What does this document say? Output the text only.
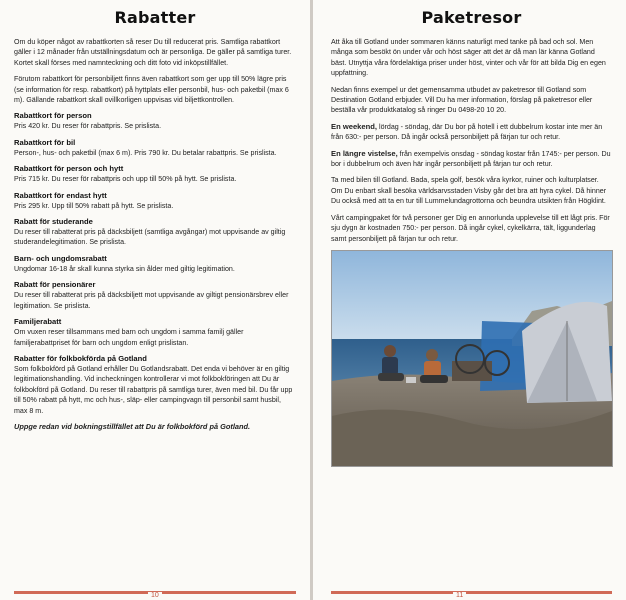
Rabatter

Om du köper något av rabattkorten så reser Du till reducerat pris. Samtliga rabattkort gäller i 12 månader från utställningsdatum och är personliga. De gäller på samtliga turer. Kortet skall förses med namnteckning och ditt foto vid inköpstillfället.

Förutom rabattkort för personbiljett finns även rabattkort som ger upp till 50% lägre pris (se information för resp. rabattkort) på hyttplats eller personbil, hus- och paketbil (max 6 m). Gällande rabattkort skall ovillkorligen uppvisas vid biljettkontrollen.

Rabattkort för person

Pris 420 kr. Du reser för rabattpris. Se prislista.

Rabattkort för bil

Person-, hus- och paketbil (max 6 m). Pris 790 kr. Du betalar rabattpris. Se prislista.

Rabattkort för person och hytt

Pris 715 kr. Du reser för rabattpris och upp till 50% på hytt. Se prislista.

Rabattkort för endast hytt

Pris 295 kr. Upp till 50% rabatt på hytt. Se prislista.

Rabatt för studerande

Du reser till rabatterat pris på däcksbiljett (samtliga avgångar) mot uppvisande av giltig studerandelegitimation. Se prislista.

Barn- och ungdomsrabatt

Ungdomar 16-18 år skall kunna styrka sin ålder med giltig legitimation.

Rabatt för pensionärer

Du reser till rabatterat pris på däcksbiljett mot uppvisande av giltigt pensionärsbrev eller legitimation. Se prislista.

Familjerabatt

Om vuxen reser tillsammans med barn och ungdom i samma familj gäller familjerabattpriset för barn och ungdom enligt prislistan.

Rabatter för folkbokförda på Gotland

Som folkbokförd på Gotland erhåller Du Gotlandsrabatt. Det enda vi behöver är en giltig legitimationshandling. Vid incheckningen kontrollerar vi mot folkbokföringen att Du är folkbokförd på Gotland. Du reser till rabattpris på samtliga turer, även med bil. Du får upp till 50% rabatt på hytt, mc och hus-, släp- eller campingvagn till personbil samt husbil, max 8 m.

Uppge redan vid bokningstillfället att Du är folkbokförd på Gotland.

10
Paketresor

Att åka till Gotland under sommaren känns naturligt med tanke på bad och sol. Men många som besökt ön under vår och höst säger att det är då man lär känna Gotland bäst. Utnyttja våra fördelaktiga priser under höst, vinter och vår för att bilda Dig en egen uppfattning.

Nedan finns exempel ur det gemensamma utbudet av paketresor till Gotland som Destination Gotland erbjuder. Vill Du ha mer information, förslag på paketresor eller beställa vår produktkatalog så ringer Du 0498-20 10 20.

En weekend, lördag - söndag, där Du bor på hotell i ett dubbelrum kostar inte mer än från 630:- per person. Då ingår också personbiljett på färjan tur och retur.

En längre vistelse, från exempelvis onsdag - söndag kostar från 1745:- per person. Du bor i dubbelrum och även här ingår personbiljett på färjan tur och retur.

Ta med bilen till Gotland. Bada, spela golf, besök våra kyrkor, ruiner och kulturplatser. Om Du enbart skall besöka världsarvsstaden Visby går det bra att hyra cykel. Då hinner Du också med att ta en tur till Lummelundagrottorna och beundra utsikten från Högklint.

Vårt campingpaket för två personer ger Dig en annorlunda upplevelse till ett lågt pris. För sju dygn är kostnaden 750:- per person. Då ingår cykel, cykelkärra, tält, liggunderlag samt personbiljett på färjan tur och retur.

11
